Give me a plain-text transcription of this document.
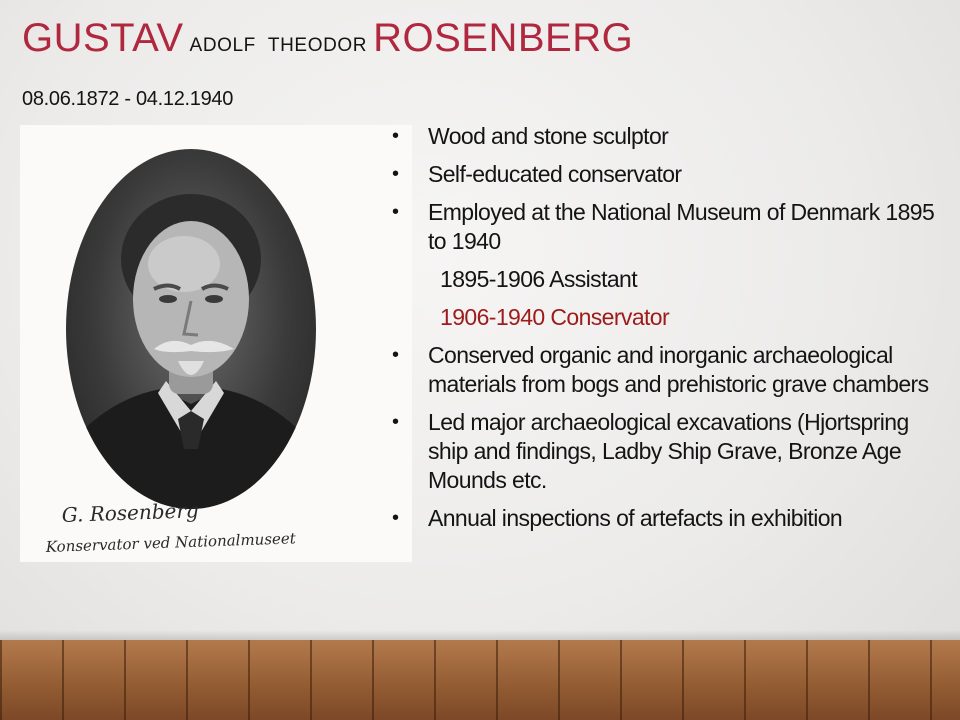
GUSTAV ADOLF THEODOR ROSENBERG
08.06.1872 - 04.12.1940
G. Rosenberg
Konservator ved Nationalmuseet
• Wood and stone sculptor
• Self-educated conservator
• Employed at the National Museum of Denmark 1895 to 1940
1895-1906 Assistant
1906-1940 Conservator
• Conserved organic and inorganic archaeological materials from bogs and prehistoric grave chambers
• Led major archaeological excavations (Hjortspring ship and findings, Ladby Ship Grave, Bronze Age Mounds etc.
• Annual inspections of artefacts in exhibition
